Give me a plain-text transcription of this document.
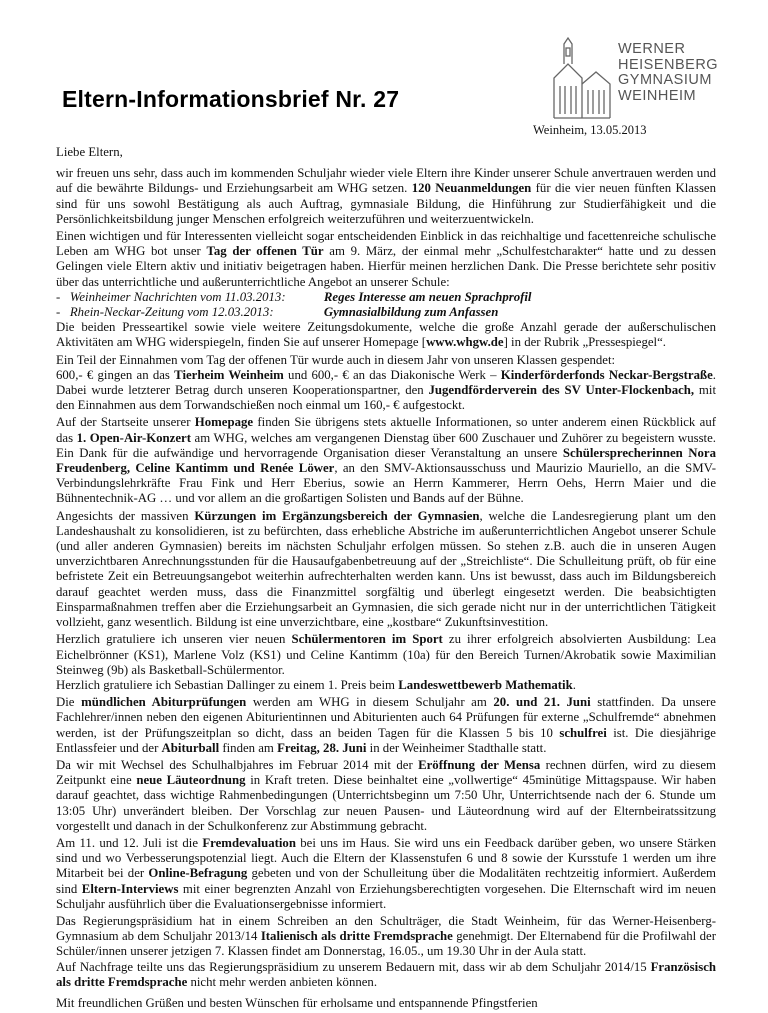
Eltern-Informationsbrief Nr. 27
WERNER
HEISENBERG
GYMNASIUM
WEINHEIM
Weinheim, 13.05.2013

Liebe Eltern,

wir freuen uns sehr, dass auch im kommenden Schuljahr wieder viele Eltern ihre Kinder unserer Schule anvertrauen werden und auf die bewährte Bildungs- und Erziehungsarbeit am WHG setzen. 120 Neuanmeldungen für die vier neuen fünften Klassen sind für uns sowohl Bestätigung als auch Auftrag, gymnasiale Bildung, die Hinführung zur Studierfähigkeit und die Persönlichkeitsbildung junger Menschen erfolgreich weiterzuführen und weiterzuentwickeln.

Einen wichtigen und für Interessenten vielleicht sogar entscheidenden Einblick in das reichhaltige und facettenreiche schulische Leben am WHG bot unser Tag der offenen Tür am 9. März, der einmal mehr „Schulfestcharakter“ hatte und zu dessen Gelingen viele Eltern aktiv und initiativ beigetragen haben. Hierfür meinen herzlichen Dank. Die Presse berichtete sehr positiv über das unterrichtliche und außerunterrichtliche Angebot an unserer Schule:
-   Weinheimer Nachrichten vom 11.03.2013:	Reges Interesse am neuen Sprachprofil
-   Rhein-Neckar-Zeitung vom 12.03.2013:	Gymnasialbildung zum Anfassen
Die beiden Presseartikel sowie viele weitere Zeitungsdokumente, welche die große Anzahl gerade der außerschulischen Aktivitäten am WHG widerspiegeln, finden Sie auf unserer Homepage [www.whgw.de] in der Rubrik „Pressespiegel“.

Ein Teil der Einnahmen vom Tag der offenen Tür wurde auch in diesem Jahr von unseren Klassen gespendet:
600,- € gingen an das Tierheim Weinheim und 600,- € an das Diakonische Werk – Kinderförderfonds Neckar-Bergstraße. Dabei wurde letzterer Betrag durch unseren Kooperationspartner, den Jugendförderverein des SV Unter-Flockenbach, mit den Einnahmen aus dem Torwandschießen noch einmal um 160,- € aufgestockt.

Auf der Startseite unserer Homepage finden Sie übrigens stets aktuelle Informationen, so unter anderem einen Rückblick auf das 1. Open-Air-Konzert am WHG, welches am vergangenen Dienstag über 600 Zuschauer und Zuhörer zu begeistern wusste. Ein Dank für die aufwändige und hervorragende Organisation dieser Veranstaltung an unsere Schülersprecherinnen Nora Freudenberg, Celine Kantimm und Renée Löwer, an den SMV-Aktionsausschuss und Maurizio Mauriello, an die SMV-Verbindungslehrkräfte Frau Fink und Herr Eberius, sowie an Herrn Kammerer, Herrn Oehs, Herrn Maier und die Bühnentechnik-AG … und vor allem an die großartigen Solisten und Bands auf der Bühne.

Angesichts der massiven Kürzungen im Ergänzungsbereich der Gymnasien, welche die Landesregierung plant um den Landeshaushalt zu konsolidieren, ist zu befürchten, dass erhebliche Abstriche im außerunterrichtlichen Angebot unserer Schule (und aller anderen Gymnasien) bereits im nächsten Schuljahr erfolgen müssen. So stehen z.B. auch die in unseren Augen unverzichtbaren Anrechnungsstunden für die Hausaufgabenbetreuung auf der „Streichliste“. Die Schulleitung prüft, ob für eine befristete Zeit ein Betreuungsangebot weiterhin aufrechterhalten werden kann. Uns ist bewusst, dass auch im Bildungsbereich darauf geachtet werden muss, dass die Finanzmittel sorgfältig und überlegt eingesetzt werden. Die beabsichtigten Einsparmaßnahmen treffen aber die Erziehungsarbeit an Gymnasien, die sich gerade nicht nur in der unterrichtlichen Tätigkeit vollzieht, ganz wesentlich. Bildung ist eine unverzichtbare, eine „kostbare“ Zukunftsinvestition.

Herzlich gratuliere ich unseren vier neuen Schülermentoren im Sport zu ihrer erfolgreich absolvierten Ausbildung: Lea Eichelbrönner (KS1), Marlene Volz (KS1) und Celine Kantimm (10a) für den Bereich Turnen/Akrobatik sowie Maximilian Steinweg (9b) als Basketball-Schülermentor.
Herzlich gratuliere ich Sebastian Dallinger zu einem 1. Preis beim Landeswettbewerb Mathematik.

Die mündlichen Abiturprüfungen werden am WHG in diesem Schuljahr am 20. und 21. Juni stattfinden. Da unsere Fachlehrer/innen neben den eigenen Abiturientinnen und Abiturienten auch 64 Prüfungen für externe „Schulfremde“ abnehmen werden, ist der Prüfungszeitplan so dicht, dass an beiden Tagen für die Klassen 5 bis 10 schulfrei ist. Die diesjährige Entlassfeier und der Abiturball finden am Freitag, 28. Juni in der Weinheimer Stadthalle statt.

Da wir mit Wechsel des Schulhalbjahres im Februar 2014 mit der Eröffnung der Mensa rechnen dürfen, wird zu diesem Zeitpunkt eine neue Läuteordnung in Kraft treten. Diese beinhaltet eine „vollwertige“ 45minütige Mittagspause. Wir haben darauf geachtet, dass wichtige Rahmenbedingungen (Unterrichtsbeginn um 7:50 Uhr, Unterrichtsende nach der 6. Stunde um 13:05 Uhr) unverändert bleiben. Der Vorschlag zur neuen Pausen- und Läuteordnung wird auf der Elternbeiratssitzung vorgestellt und danach in der Schulkonferenz zur Abstimmung gebracht.

Am 11. und 12. Juli ist die Fremdevaluation bei uns im Haus. Sie wird uns ein Feedback darüber geben, wo unsere Stärken sind und wo Verbesserungspotenzial liegt. Auch die Eltern der Klassenstufen 6 und 8 sowie der Kursstufe 1 werden um ihre Mitarbeit bei der Online-Befragung gebeten und von der Schulleitung über die Modalitäten rechtzeitig informiert. Außerdem sind Eltern-Interviews mit einer begrenzten Anzahl von Erziehungsberechtigten vorgesehen. Die Elternschaft wird im neuen Schuljahr ausführlich über die Evaluationsergebnisse informiert.

Das Regierungspräsidium hat in einem Schreiben an den Schulträger, die Stadt Weinheim, für das Werner-Heisenberg-Gymnasium ab dem Schuljahr 2013/14 Italienisch als dritte Fremdsprache genehmigt. Der Elternabend für die Profilwahl der Schüler/innen unserer jetzigen 7. Klassen findet am Donnerstag, 16.05., um 19.30 Uhr in der Aula statt.
Auf Nachfrage teilte uns das Regierungspräsidium zu unserem Bedauern mit, dass wir ab dem Schuljahr 2014/15 Französisch als dritte Fremdsprache nicht mehr werden anbieten können.

Mit freundlichen Grüßen und besten Wünschen für erholsame und entspannende Pfingstferien
